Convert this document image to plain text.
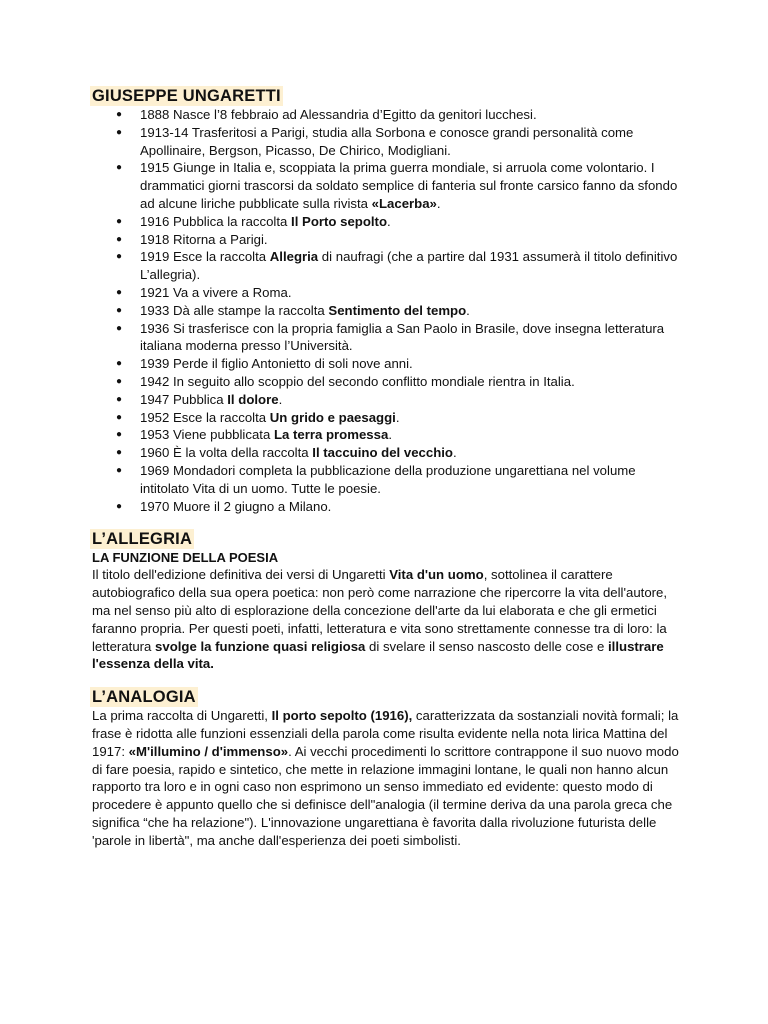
GIUSEPPE UNGARETTI
● 1888 Nasce l’8 febbraio ad Alessandria d’Egitto da genitori lucchesi.
● 1913-14 Trasferitosi a Parigi, studia alla Sorbona e conosce grandi personalità come Apollinaire, Bergson, Picasso, De Chirico, Modigliani.
● 1915 Giunge in Italia e, scoppiata la prima guerra mondiale, si arruola come volontario. I drammatici giorni trascorsi da soldato semplice di fanteria sul fronte carsico fanno da sfondo ad alcune liriche pubblicate sulla rivista «Lacerba».
● 1916 Pubblica la raccolta Il Porto sepolto.
● 1918 Ritorna a Parigi.
● 1919 Esce la raccolta Allegria di naufragi (che a partire dal 1931 assumerà il titolo definitivo L’allegria).
● 1921 Va a vivere a Roma.
● 1933 Dà alle stampe la raccolta Sentimento del tempo.
● 1936 Si trasferisce con la propria famiglia a San Paolo in Brasile, dove insegna letteratura italiana moderna presso l’Università.
● 1939 Perde il figlio Antonietto di soli nove anni.
● 1942 In seguito allo scoppio del secondo conflitto mondiale rientra in Italia.
● 1947 Pubblica Il dolore.
● 1952 Esce la raccolta Un grido e paesaggi.
● 1953 Viene pubblicata La terra promessa.
● 1960 È la volta della raccolta Il taccuino del vecchio.
● 1969 Mondadori completa la pubblicazione della produzione ungarettiana nel volume intitolato Vita di un uomo. Tutte le poesie.
● 1970 Muore il 2 giugno a Milano.
L’ALLEGRIA
LA FUNZIONE DELLA POESIA

Il titolo dell'edizione definitiva dei versi di Ungaretti Vita d'un uomo, sottolinea il carattere autobiografico della sua opera poetica: non però come narrazione che ripercorre la vita dell'autore, ma nel senso più alto di esplorazione della concezione dell'arte da lui elaborata e che gli ermetici faranno propria. Per questi poeti, infatti, letteratura e vita sono strettamente connesse tra di loro: la letteratura svolge la funzione quasi religiosa di svelare il senso nascosto delle cose e illustrare l'essenza della vita.

L’ANALOGIA

La prima raccolta di Ungaretti, Il porto sepolto (1916), caratterizzata da sostanziali novità formali; la frase è ridotta alle funzioni essenziali della parola come risulta evidente nella nota lirica Mattina del 1917: «M'illumino / d'immenso». Ai vecchi procedimenti lo scrittore contrappone il suo nuovo modo di fare poesia, rapido e sintetico, che mette in relazione immagini lontane, le quali non hanno alcun rapporto tra loro e in ogni caso non esprimono un senso immediato ed evidente: questo modo di procedere è appunto quello che si definisce dell"analogia (il termine deriva da una parola greca che significa “che ha relazione"). L'innovazione ungarettiana è favorita dalla rivoluzione futurista delle 'parole in libertà", ma anche dall'esperienza dei poeti simbolisti.
